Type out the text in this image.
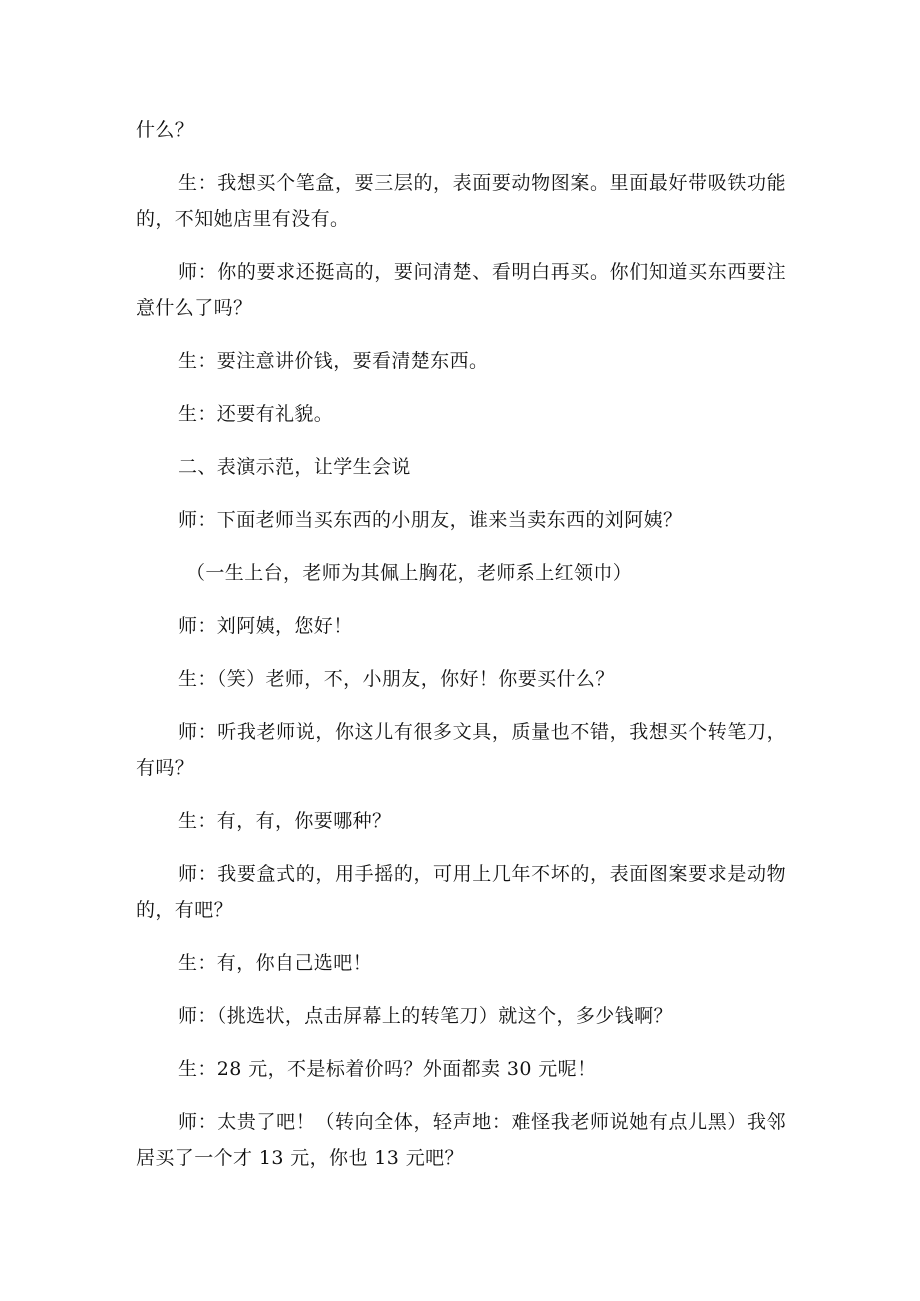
什么？

生：我想买个笔盒，要三层的，表面要动物图案。里面最好带吸铁功能的，不知她店里有没有。

师：你的要求还挺高的，要问清楚、看明白再买。你们知道买东西要注意什么了吗？

生：要注意讲价钱，要看清楚东西。

生：还要有礼貌。

二、表演示范，让学生会说

师：下面老师当买东西的小朋友，谁来当卖东西的刘阿姨？

（一生上台，老师为其佩上胸花，老师系上红领巾）

师：刘阿姨，您好！

生：（笑）老师，不，小朋友，你好！你要买什么？

师：听我老师说，你这儿有很多文具，质量也不错，我想买个转笔刀，有吗？

生：有，有，你要哪种？

师：我要盒式的，用手摇的，可用上几年不坏的，表面图案要求是动物的，有吧？

生：有，你自己选吧！

师：（挑选状，点击屏幕上的转笔刀）就这个，多少钱啊？

生：28 元，不是标着价吗？外面都卖 30 元呢！

师：太贵了吧！（转向全体，轻声地：难怪我老师说她有点儿黑）我邻居买了一个才 13 元，你也 13 元吧？
